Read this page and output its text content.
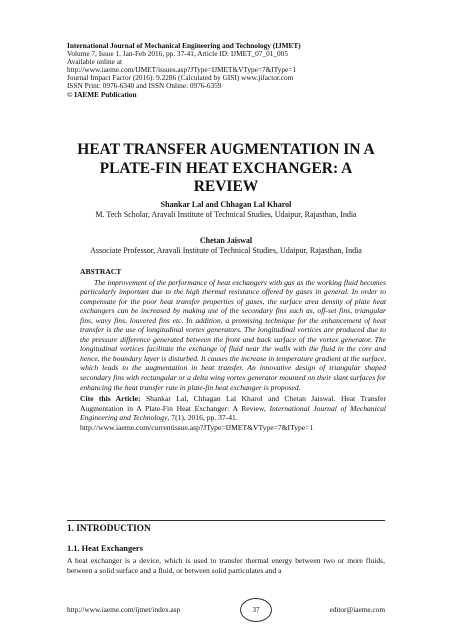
International Journal of Mechanical Engineering and Technology (IJMET)
Volume 7, Issue 1, Jan-Feb 2016, pp. 37-41, Article ID: IJMET_07_01_005
Available online at
http://www.iaeme.com/IJMET/issues.asp?JType=IJMET&VType=7&IType=1
Journal Impact Factor (2016): 9.2286 (Calculated by GISI) www.jifactor.com
ISSN Print: 0976-6340 and ISSN Online: 0976-6359
© IAEME Publication
HEAT TRANSFER AUGMENTATION IN A
PLATE-FIN HEAT EXCHANGER: A
REVIEW
Shankar Lal and Chhagan Lal Kharol
M. Tech Scholar, Aravali Institute of Technical Studies, Udaipur, Rajasthan, India
Chetan Jaiswal
Associate Professor, Aravali Institute of Technical Studies, Udaipur, Rajasthan, India
ABSTRACT

The improvement of the performance of heat exchangers with gas as the working fluid becomes particularly important due to the high thermal resistance offered by gases in general. In order to compensate for the poor heat transfer properties of gases, the surface area density of plate heat exchangers can be increased by making use of the secondary fins such as, off-set fins, triangular fins, wavy fins, louvered fins etc. In addition, a promising technique for the enhancement of heat transfer is the use of longitudinal vortex generators. The longitudinal vortices are produced due to the pressure difference generated between the front and back surface of the vortex generator. The longitudinal vortices facilitate the exchange of fluid near the walls with the fluid in the core and hence, the boundary layer is disturbed. It causes the increase in temperature gradient at the surface, which leads to the augmentation in heat transfer. An innovative design of triangular shaped secondary fins with rectangular or a delta wing vortex generator mounted on their slant surfaces for enhancing the heat transfer rate in plate-fin heat exchanger is proposed.

Cite this Article: Shankar Lal, Chhagan Lal Kharol and Chetan Jaiswal. Heat Transfer Augmentation in A Plate-Fin Heat Exchanger: A Review, International Journal of Mechanical Engineering and Technology, 7(1), 2016, pp. 37-41.
http://www.iaeme.com/currentissue.asp?JType=IJMET&VType=7&IType=1
1. INTRODUCTION
1.1. Heat Exchangers
A heat exchanger is a device, which is used to transfer thermal energy between two or more fluids, between a solid surface and a fluid, or between solid particulates and a
http://www.iaeme.com/ijmet/index.asp	37	editor@iaeme.com
